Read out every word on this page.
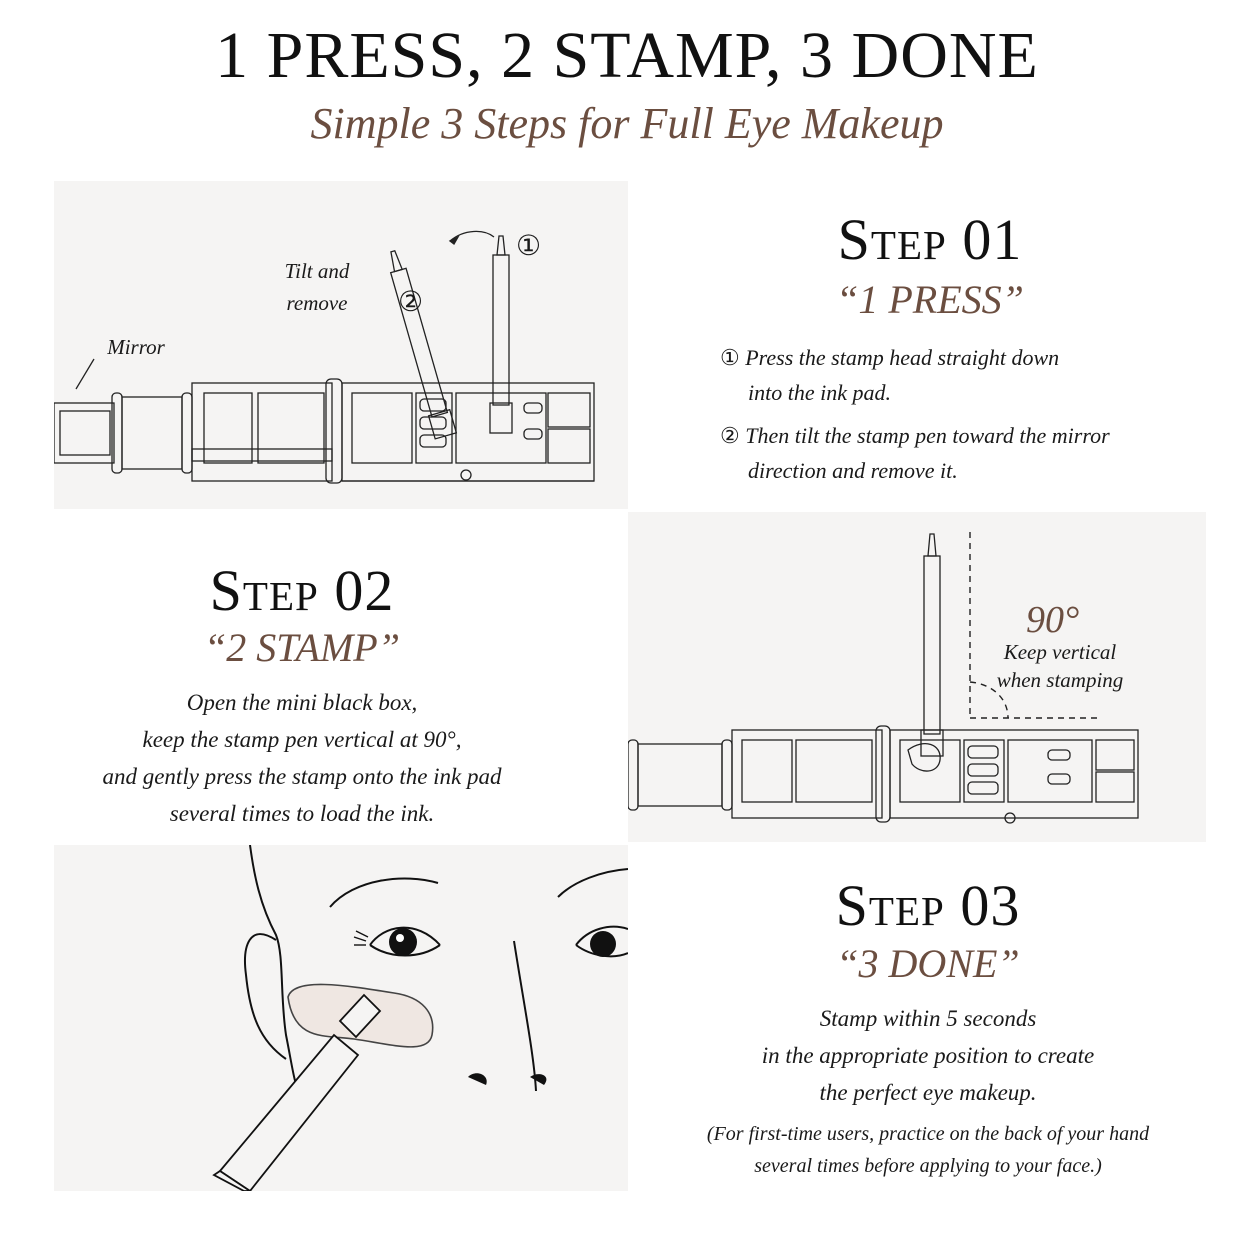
1 PRESS, 2 STAMP, 3 DONE
Simple 3 Steps for Full Eye Makeup
Tilt and
remove
Mirror
①
②
Step 01
“1 PRESS”

① Press the stamp head straight down

into the ink pad.

② Then tilt the stamp pen toward the mirror

direction and remove it.

Step 02
“2 STAMP”

Open the mini black box,

keep the stamp pen vertical at 90°,

and gently press the stamp onto the ink pad

several times to load the ink.

90°
Keep vertical
when stamping
Step 03
“3 DONE”

Stamp within 5 seconds

in the appropriate position to create

the perfect eye makeup.

(For first-time users, practice on the back of your hand

several times before applying to your face.)
